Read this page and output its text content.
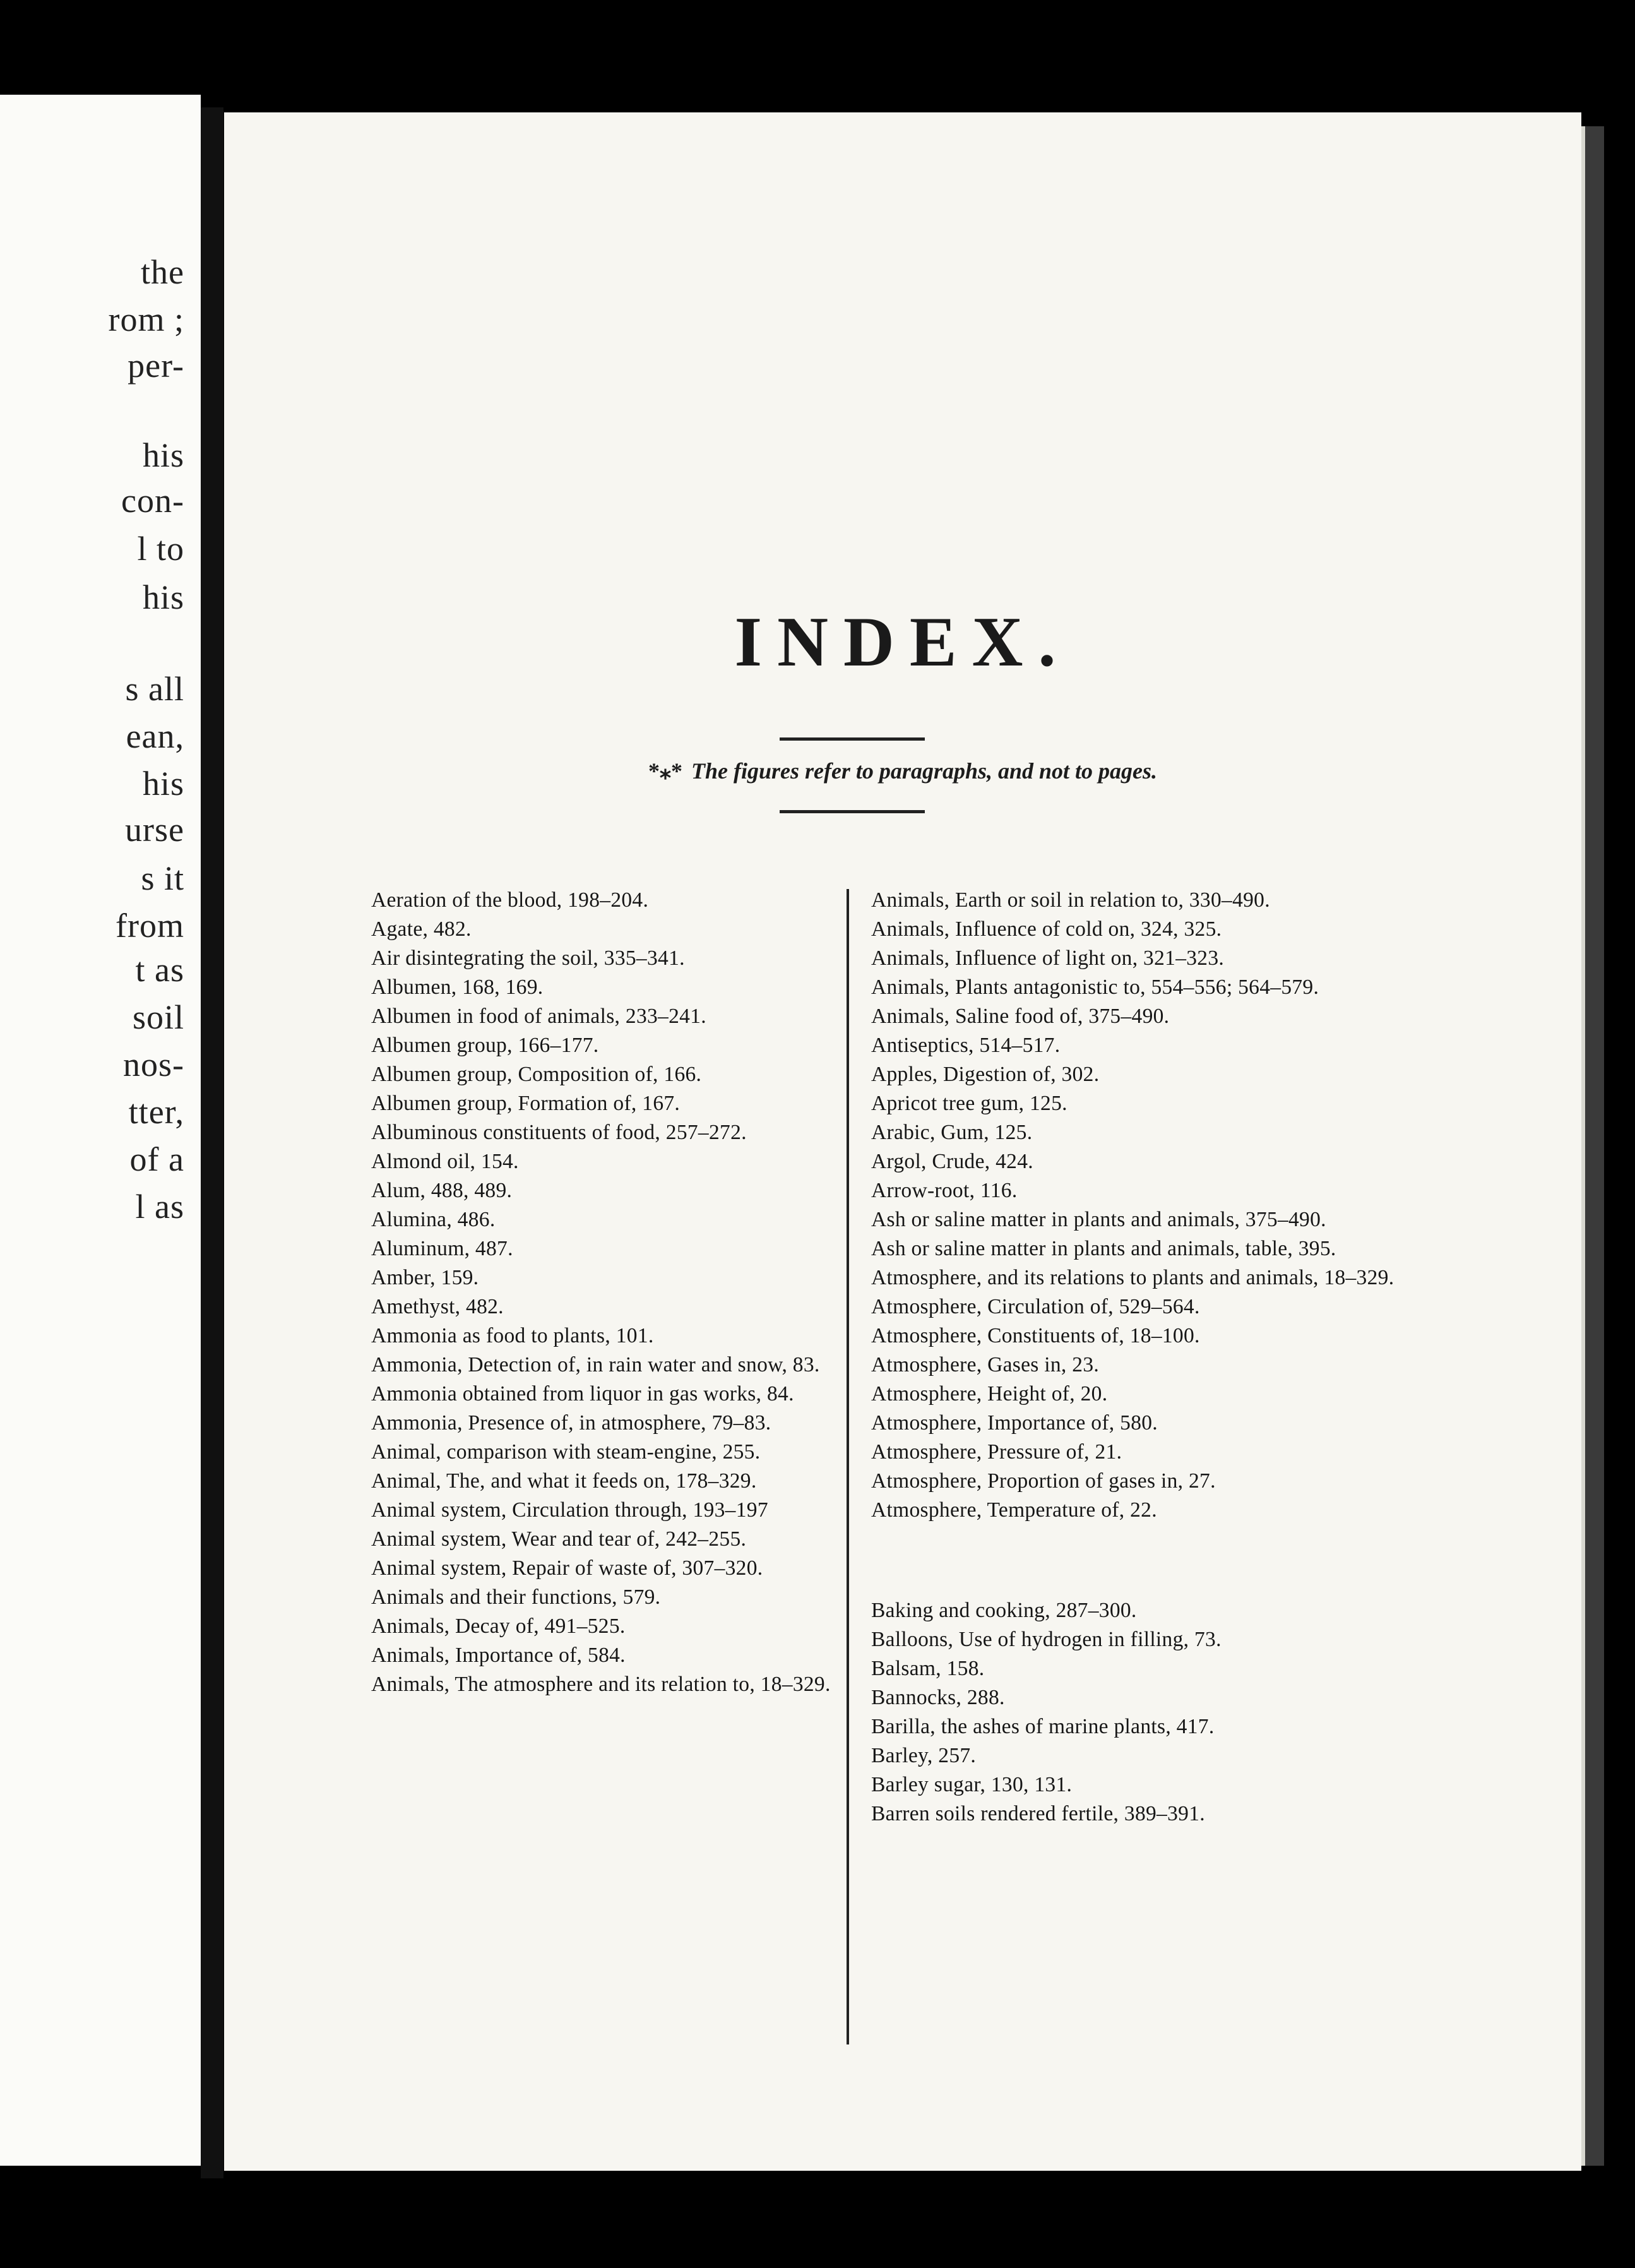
the
rom ;
per-
his
con-
l to
his
s all
ean,
his
urse
s it
from
t as
soil
nos-
tter,
of a
l as
INDEX.
*⁎* The figures refer to paragraphs, and not to pages.

Aeration of the blood, 198–204.

Agate, 482.

Air disintegrating the soil, 335–341.

Albumen, 168, 169.

Albumen in food of animals, 233–241.

Albumen group, 166–177.

Albumen group, Composition of, 166.

Albumen group, Formation of, 167.

Albuminous constituents of food, 257–272.

Almond oil, 154.

Alum, 488, 489.

Alumina, 486.

Aluminum, 487.

Amber, 159.

Amethyst, 482.

Ammonia as food to plants, 101.

Ammonia, Detection of, in rain water and snow, 83.

Ammonia obtained from liquor in gas works, 84.

Ammonia, Presence of, in atmosphere, 79–83.

Animal, comparison with steam-engine, 255.

Animal, The, and what it feeds on, 178–329.

Animal system, Circulation through, 193–197

Animal system, Wear and tear of, 242–255.

Animal system, Repair of waste of, 307–320.

Animals and their functions, 579.

Animals, Decay of, 491–525.

Animals, Importance of, 584.

Animals, The atmosphere and its relation to, 18–329.

Animals, Earth or soil in relation to, 330–490.

Animals, Influence of cold on, 324, 325.

Animals, Influence of light on, 321–323.

Animals, Plants antagonistic to, 554–556; 564–579.

Animals, Saline food of, 375–490.

Antiseptics, 514–517.

Apples, Digestion of, 302.

Apricot tree gum, 125.

Arabic, Gum, 125.

Argol, Crude, 424.

Arrow-root, 116.

Ash or saline matter in plants and animals, 375–490.

Ash or saline matter in plants and animals, table, 395.

Atmosphere, and its relations to plants and animals, 18–329.

Atmosphere, Circulation of, 529–564.

Atmosphere, Constituents of, 18–100.

Atmosphere, Gases in, 23.

Atmosphere, Height of, 20.

Atmosphere, Importance of, 580.

Atmosphere, Pressure of, 21.

Atmosphere, Proportion of gases in, 27.

Atmosphere, Temperature of, 22.

Baking and cooking, 287–300.

Balloons, Use of hydrogen in filling, 73.

Balsam, 158.

Bannocks, 288.

Barilla, the ashes of marine plants, 417.

Barley, 257.

Barley sugar, 130, 131.

Barren soils rendered fertile, 389–391.
